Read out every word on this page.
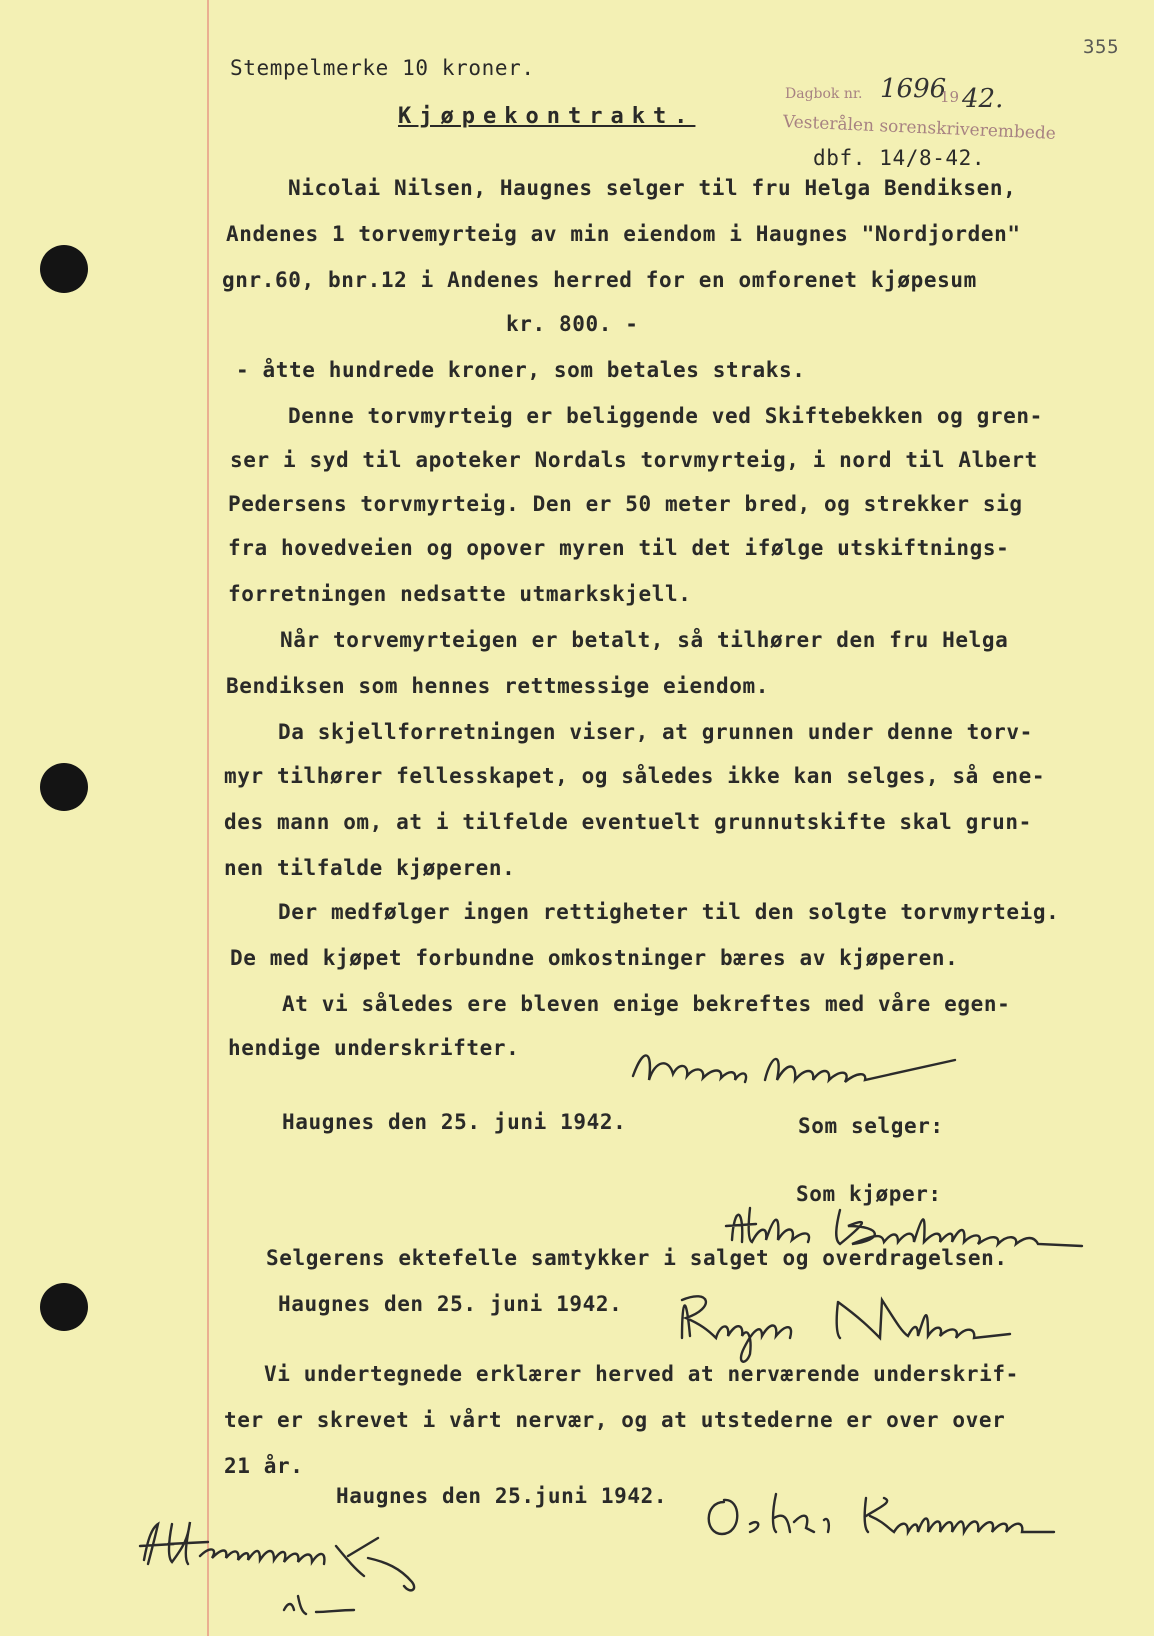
355
Stempelmerke 10 kroner.
Kjøpekontrakt.
Dagbok nr. 1696
19 42.
Vesterålen sorenskriverembede
dbf. 14/8-42.
Nicolai Nilsen, Haugnes selger til fru Helga Bendiksen,
Andenes 1 torvemyrteig av min eiendom i Haugnes "Nordjorden"
gnr.60, bnr.12 i Andenes herred for en omforenet kjøpesum
kr. 800. -
- åtte hundrede kroner, som betales straks.
Denne torvmyrteig er beliggende ved Skiftebekken og gren-
ser i syd til apoteker Nordals torvmyrteig, i nord til Albert
Pedersens torvmyrteig. Den er 50 meter bred, og strekker sig
fra hovedveien og opover myren til det ifølge utskiftnings-
forretningen nedsatte utmarkskjell.
Når torvemyrteigen er betalt, så tilhører den fru Helga
Bendiksen som hennes rettmessige eiendom.
Da skjellforretningen viser, at grunnen under denne torv-
myr tilhører fellesskapet, og således ikke kan selges, så ene-
des mann om, at i tilfelde eventuelt grunnutskifte skal grun-
nen tilfalde kjøperen.
Der medfølger ingen rettigheter til den solgte torvmyrteig.
De med kjøpet forbundne omkostninger bæres av kjøperen.
At vi således ere bleven enige bekreftes med våre egen-
hendige underskrifter.
Haugnes den 25. juni 1942.	Som selger:
Som kjøper:
Selgerens ektefelle samtykker i salget og overdragelsen.
Haugnes den 25. juni 1942.
Vi undertegnede erklærer herved at nerværende underskrif-
ter er skrevet i vårt nervær, og at utstederne er over over
21 år.
Haugnes den 25.juni 1942.
